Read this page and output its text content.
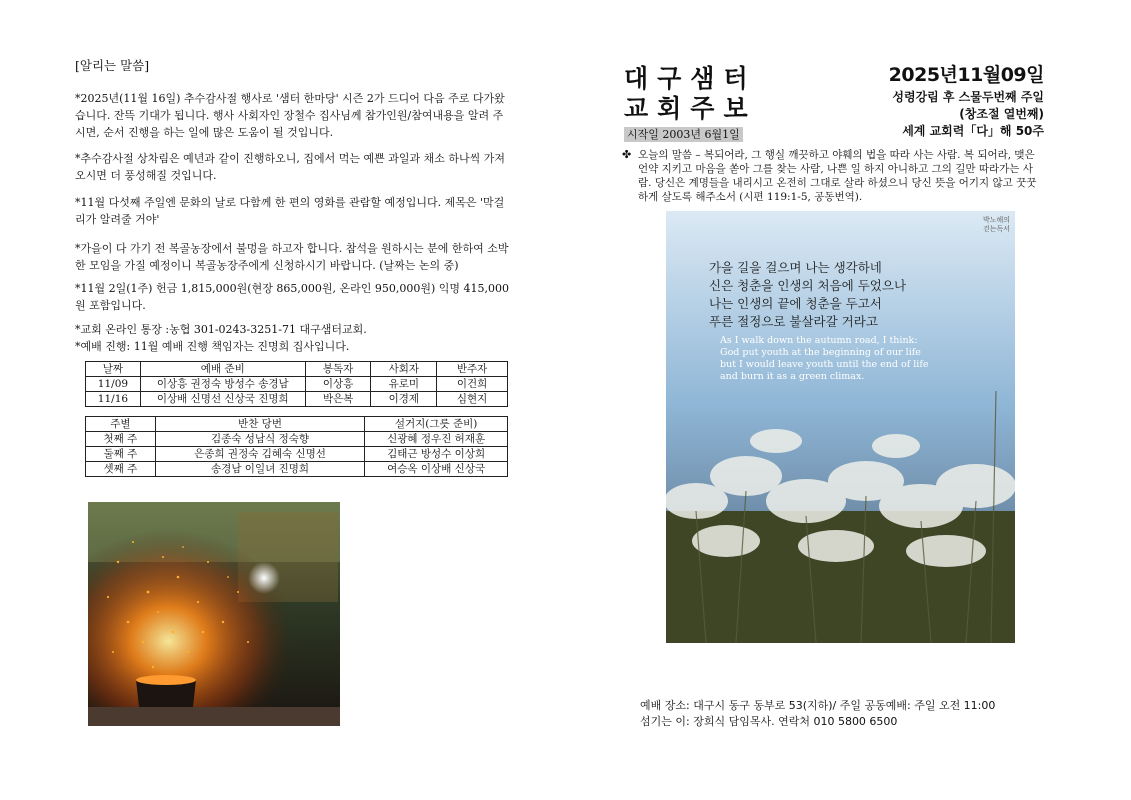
[알리는 말씀]
*2025년(11월 16일) 추수감사절 행사로 '샘터 한마당' 시즌 2가 드디어 다음 주로 다가왔습니다. 잔뜩 기대가 됩니다. 행사 사회자인 장철수 집사님께 참가인원/참여내용을 알려 주시면, 순서 진행을 하는 일에 많은 도움이 될 것입니다.
*추수감사절 상차림은 예년과 같이 진행하오니, 집에서 먹는 예쁜 과일과 채소 하나씩 가져오시면 더 풍성해질 것입니다.
*11월 다섯째 주일엔 문화의 날로 다함께 한 편의 영화를 관람할 예정입니다. 제목은 '막걸리가 알려줄 거야'
*가을이 다 가기 전 복골농장에서 불멍을 하고자 합니다. 참석을 원하시는 분에 한하여 소박한 모임을 가질 예정이니 복골농장주에게 신청하시기 바랍니다. (날짜는 논의 중)
*11월 2일(1주) 헌금 1,815,000원(현장 865,000원, 온라인 950,000원) 익명 415,000원 포함입니다.
*교회 온라인 통장 :농협 301-0243-3251-71 대구샘터교회.
*예배 진행: 11월 예배 진행 책임자는 진명희 집사입니다.
날짜	예배 준비	봉독자	사회자	반주자
11/09	이상흥 권정숙 방성수 송경남	이상흥	유로미	이건희
11/16	이상배 신명선 신상국 진명희	박은복	이경제	심현지
주별	반찬 당번	설거지(그릇 준비)
첫째 주	김종숙 성남식 정숙향	신광혜 정우진 허재훈
둘째 주	은종희 권정숙 김혜숙 신명선	김태근 방성수 이상희
셋째 주	송경남 이일녀 진명희	여승옥 이상배 신상국
대구샘터
교회주보
시작일 2003년 6월1일
2025년11월09일
성령강림 후 스물두번째 주일
(창조절 열번째)
세계 교회력「다」해 50주
✤ 오늘의 말씀 – 복되어라, 그 행실 깨끗하고 야훼의 법을 따라 사는 사람. 복 되어라, 맺은 언약 지키고 마음을 쏟아 그를 찾는 사람, 나쁜 일 하지 아니하고 그의 길만 따라가는 사람. 당신은 계명들을 내리시고 온전히 그대로 살라 하셨으니 당신 뜻을 어기지 않고 꿋꿋하게 살도록 해주소서 (시편 119:1-5, 공동번역).
박노해의
걷는독서
가을 길을 걸으며 나는 생각하네
신은 청춘을 인생의 처음에 두었으나
나는 인생의 끝에 청춘을 두고서
푸른 절정으로 불살라갈 거라고
As I walk down the autumn road, I think:
God put youth at the beginning of our life
but I would leave youth until the end of life
and burn it as a green climax.
예배 장소: 대구시 동구 동부로 53(지하)/ 주일 공동예배: 주일 오전 11:00
섬기는 이: 장희식 담임목사. 연락처 010 5800 6500
